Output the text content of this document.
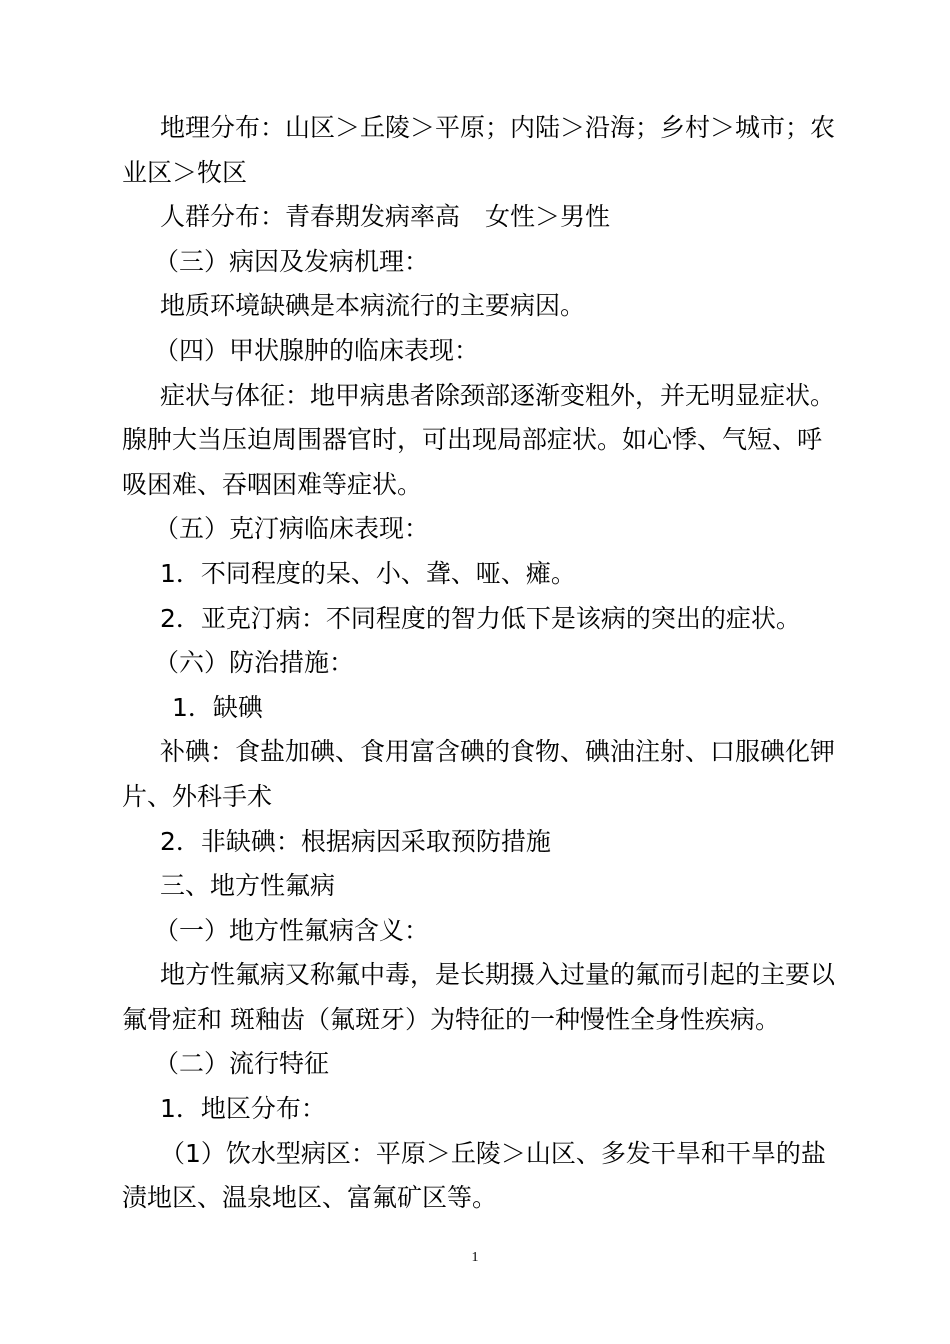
地理分布：山区＞丘陵＞平原；内陆＞沿海；乡村＞城市；农业区＞牧区

人群分布：青春期发病率高　女性＞男性

（三）病因及发病机理：

地质环境缺碘是本病流行的主要病因。

（四）甲状腺肿的临床表现：

症状与体征：地甲病患者除颈部逐渐变粗外，并无明显症状。腺肿大当压迫周围器官时，可出现局部症状。如心悸、气短、呼吸困难、吞咽困难等症状。

（五）克汀病临床表现：

1．不同程度的呆、小、聋、哑、瘫。

2．亚克汀病：不同程度的智力低下是该病的突出的症状。

（六）防治措施：

1．缺碘

补碘：食盐加碘、食用富含碘的食物、碘油注射、口服碘化钾片、外科手术

2．非缺碘：根据病因采取预防措施

三、地方性氟病

（一）地方性氟病含义：

地方性氟病又称氟中毒，是长期摄入过量的氟而引起的主要以氟骨症和 斑釉齿（氟斑牙）为特征的一种慢性全身性疾病。

（二）流行特征

1．地区分布：

（1）饮水型病区：平原＞丘陵＞山区、多发干旱和干旱的盐渍地区、温泉地区、富氟矿区等。

1
